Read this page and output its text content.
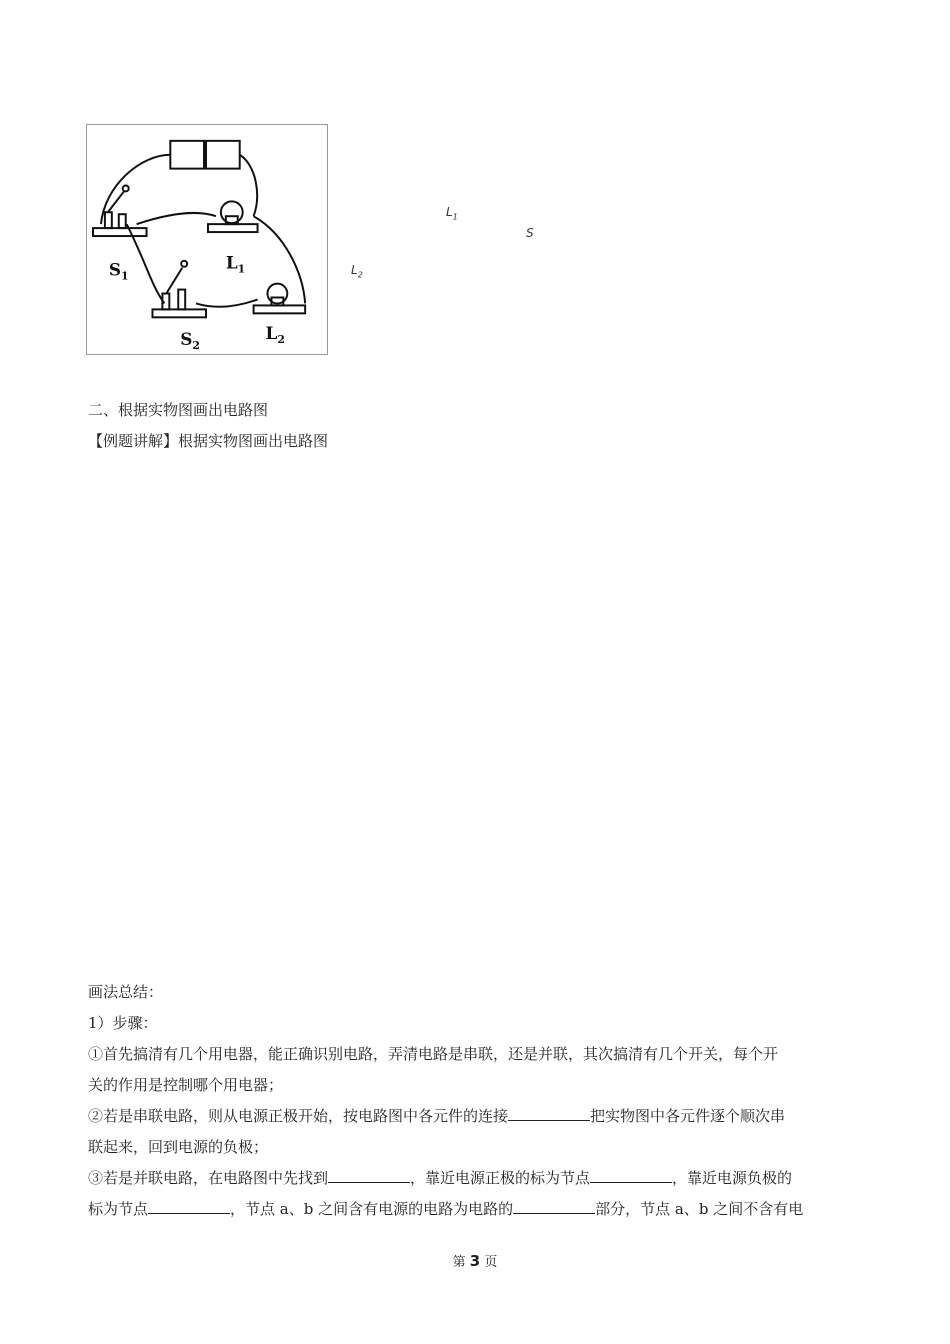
$S_1$
$L_1$
$S_2$
$L_2$
$L_1$
S
$L_2$
二、根据实物图画出电路图
【例题讲解】根据实物图画出电路图
画法总结：
1）步骤：
①首先搞清有几个用电器，能正确识别电路，弄清电路是串联，还是并联，其次搞清有几个开关，每个开
关的作用是控制哪个用电器；
②若是串联电路，则从电源正极开始，按电路图中各元件的连接	把实物图中各元件逐个顺次串
联起来，回到电源的负极；
③若是并联电路，在电路图中先找到	，靠近电源正极的标为节点	，靠近电源负极的
标为节点	，节点 a、b 之间含有电源的电路为电路的	部分，节点 a、b 之间不含有电
第 3 页
